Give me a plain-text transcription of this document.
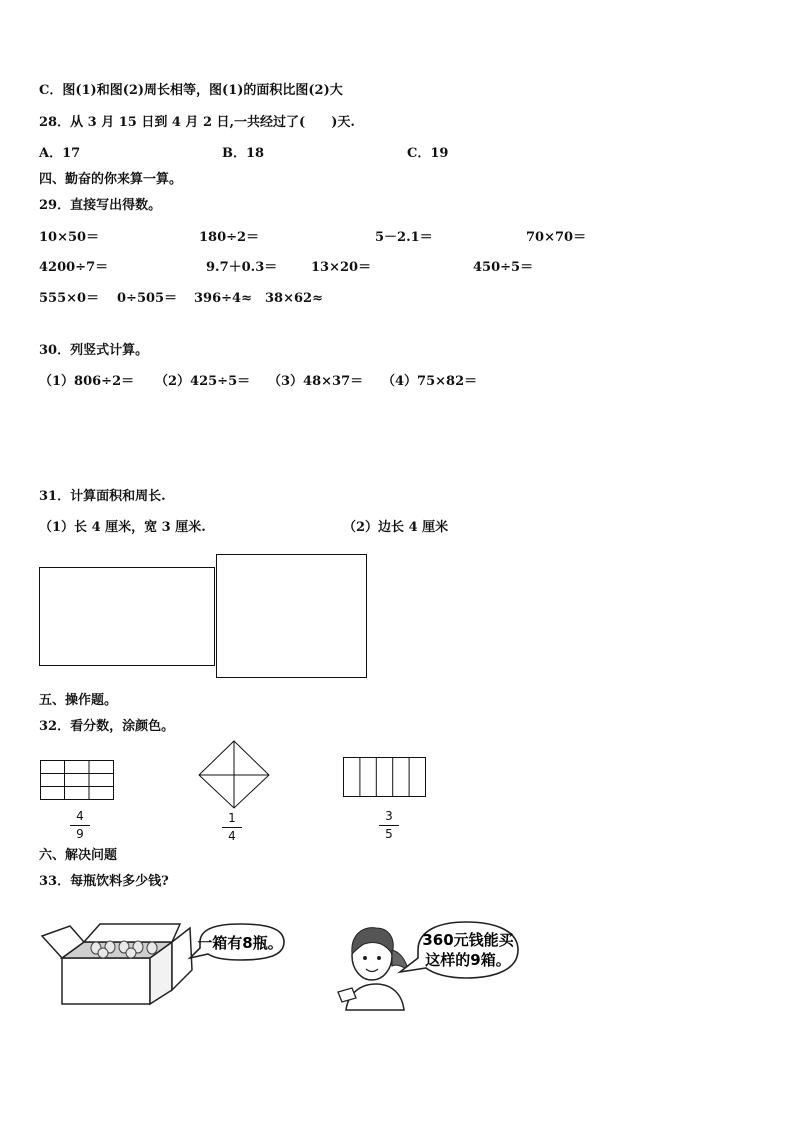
C．图(1)和图(2)周长相等，图(1)的面积比图(2)大
28．从 3 月 15 日到 4 月 2 日,一共经过了(　　)天.
A．17	B．18	C．19
四、勤奋的你来算一算。
29．直接写出得数。
10×50＝	180÷2＝	5－2.1＝	70×70＝
4200÷7＝	9.7＋0.3＝	13×20＝	450÷5＝
555×0＝ 0÷505＝ 396÷4≈ 38×62≈
30．列竖式计算。
（1）806÷2＝ （2）425÷5＝ （3）48×37＝ （4）75×82＝
31．计算面积和周长.
（1）长 4 厘米，宽 3 厘米.	（2）边长 4 厘米
五、操作题。
32．看分数，涂颜色。
4
9
1
4
3
5
六、解决问题
33．每瓶饮料多少钱?
一箱有8瓶。	360元钱能买
这样的9箱。
